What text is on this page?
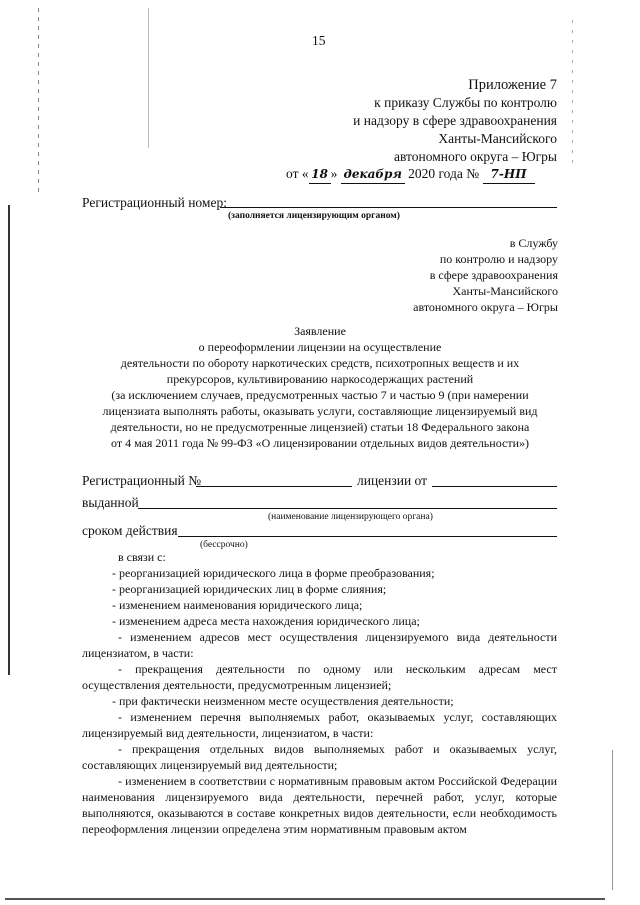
15
Приложение 7
к приказу Службы по контролю
и надзору в сфере здравоохранения
Ханты-Мансийского
автономного округа – Югры
от « 18 » декабря 2020 года № 7-НП
Регистрационный номер:
(заполняется лицензирующим органом)
в Службу
по контролю и надзору
в сфере здравоохранения
Ханты-Мансийского
автономного округа – Югры
Заявление
о переоформлении лицензии на осуществление
деятельности по обороту наркотических средств, психотропных веществ и их
прекурсоров, культивированию наркосодержащих растений
(за исключением случаев, предусмотренных частью 7 и частью 9 (при намерении
лицензиата выполнять работы, оказывать услуги, составляющие лицензируемый вид
деятельности, но не предусмотренные лицензией) статьи 18 Федерального закона
от 4 мая 2011 года № 99-ФЗ «О лицензировании отдельных видов деятельности»)
Регистрационный №	лицензии от
выданной
(наименование лицензирующего органа)
сроком действия
(бессрочно)
в связи с:
- реорганизацией юридического лица в форме преобразования;
- реорганизацией юридических лиц в форме слияния;
- изменением наименования юридического лица;
- изменением адреса места нахождения юридического лица;
- изменением адресов мест осуществления лицензируемого вида деятельности лицензиатом, в части:
- прекращения деятельности по одному или нескольким адресам мест осуществления деятельности, предусмотренным лицензией;
- при фактически неизменном месте осуществления деятельности;
- изменением перечня выполняемых работ, оказываемых услуг, составляющих лицензируемый вид деятельности, лицензиатом, в части:
- прекращения отдельных видов выполняемых работ и оказываемых услуг, составляющих лицензируемый вид деятельности;
- изменением в соответствии с нормативным правовым актом Российской Федерации наименования лицензируемого вида деятельности, перечней работ, услуг, которые выполняются, оказываются в составе конкретных видов деятельности, если необходимость переоформления лицензии определена этим нормативным правовым актом
